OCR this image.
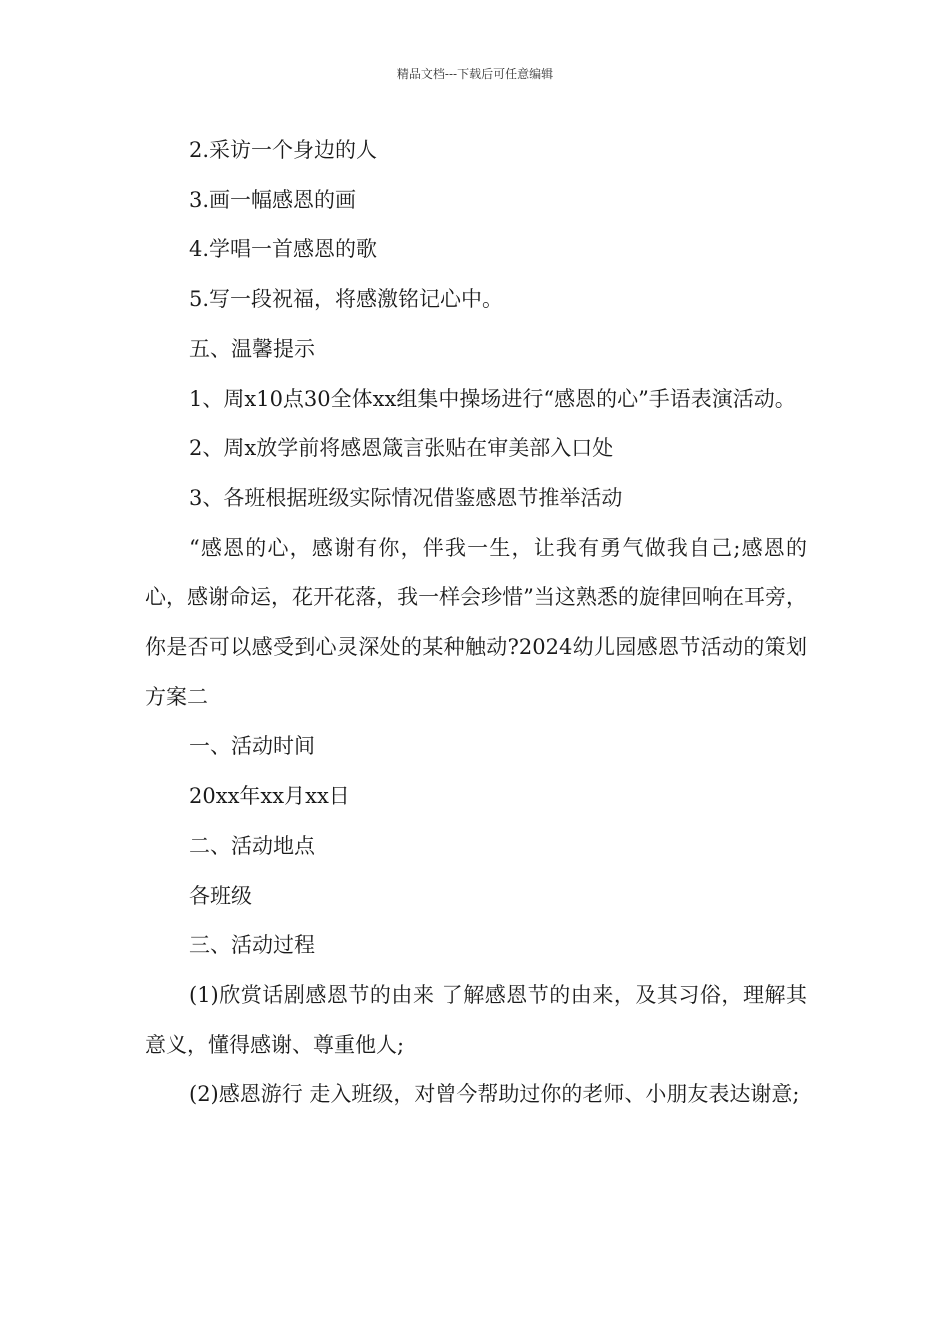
精品文档---下载后可任意编辑

2.采访一个身边的人

3.画一幅感恩的画

4.学唱一首感恩的歌

5.写一段祝福，将感激铭记心中。

五、温馨提示

1、周x10点30全体xx组集中操场进行“感恩的心”手语表演活动。

2、周x放学前将感恩箴言张贴在审美部入口处

3、各班根据班级实际情况借鉴感恩节推举活动

“感恩的心，感谢有你，伴我一生，让我有勇气做我自己;感恩的心，感谢命运，花开花落，我一样会珍惜”当这熟悉的旋律回响在耳旁，你是否可以感受到心灵深处的某种触动?2024幼儿园感恩节活动的策划方案二

一、活动时间

20xx年xx月xx日

二、活动地点

各班级

三、活动过程

(1)欣赏话剧感恩节的由来 了解感恩节的由来，及其习俗，理解其意义，懂得感谢、尊重他人;

(2)感恩游行 走入班级，对曾今帮助过你的老师、小朋友表达谢意;
